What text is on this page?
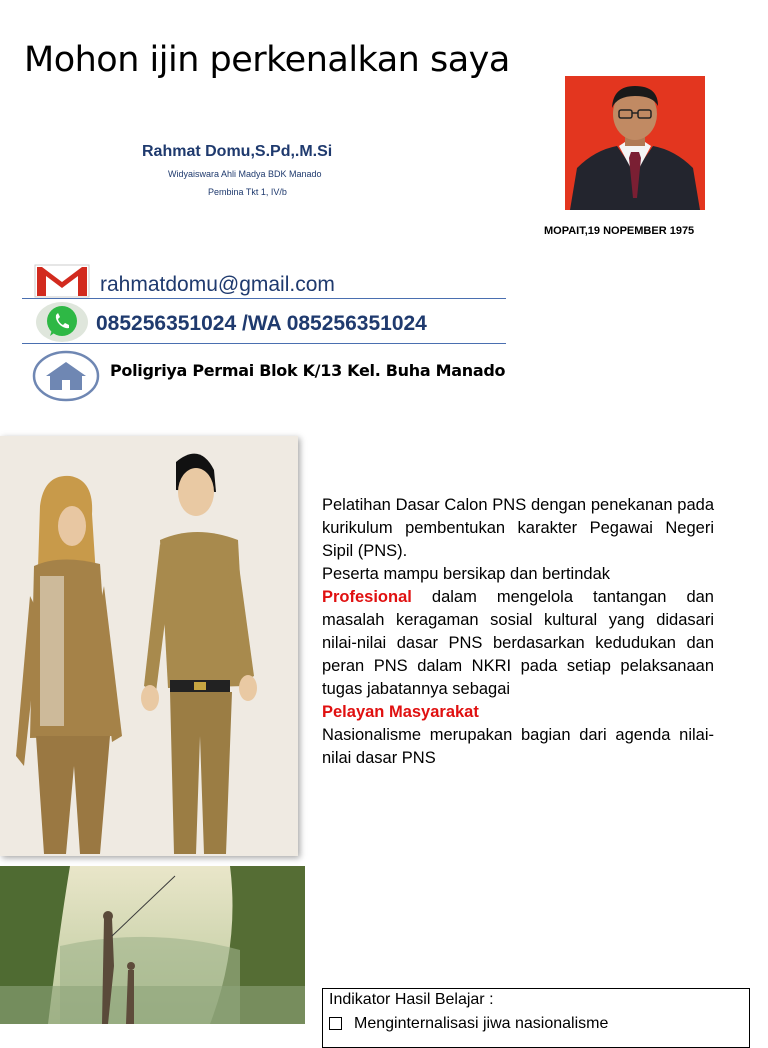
Mohon ijin perkenalkan saya
Rahmat Domu,S.Pd,.M.Si
Widyaiswara Ahli Madya BDK Manado
Pembina Tkt 1, IV/b
MOPAIT,19 NOPEMBER 1975
rahmatdomu@gmail.com
085256351024 /WA 085256351024
Poligriya Permai Blok K/13 Kel. Buha Manado

Pelatihan Dasar Calon PNS dengan penekanan pada kurikulum pembentukan karakter Pegawai Negeri Sipil (PNS).

Peserta mampu bersikap dan bertindak
Profesional dalam mengelola tantangan dan masalah keragaman sosial kultural yang didasari nilai-nilai dasar PNS berdasarkan kedudukan dan peran PNS dalam NKRI pada setiap pelaksanaan tugas jabatannya sebagai
Pelayan Masyarakat

Nasionalisme merupakan bagian dari agenda nilai-nilai dasar PNS

Indikator Hasil Belajar :
Menginternalisasi jiwa nasionalisme
